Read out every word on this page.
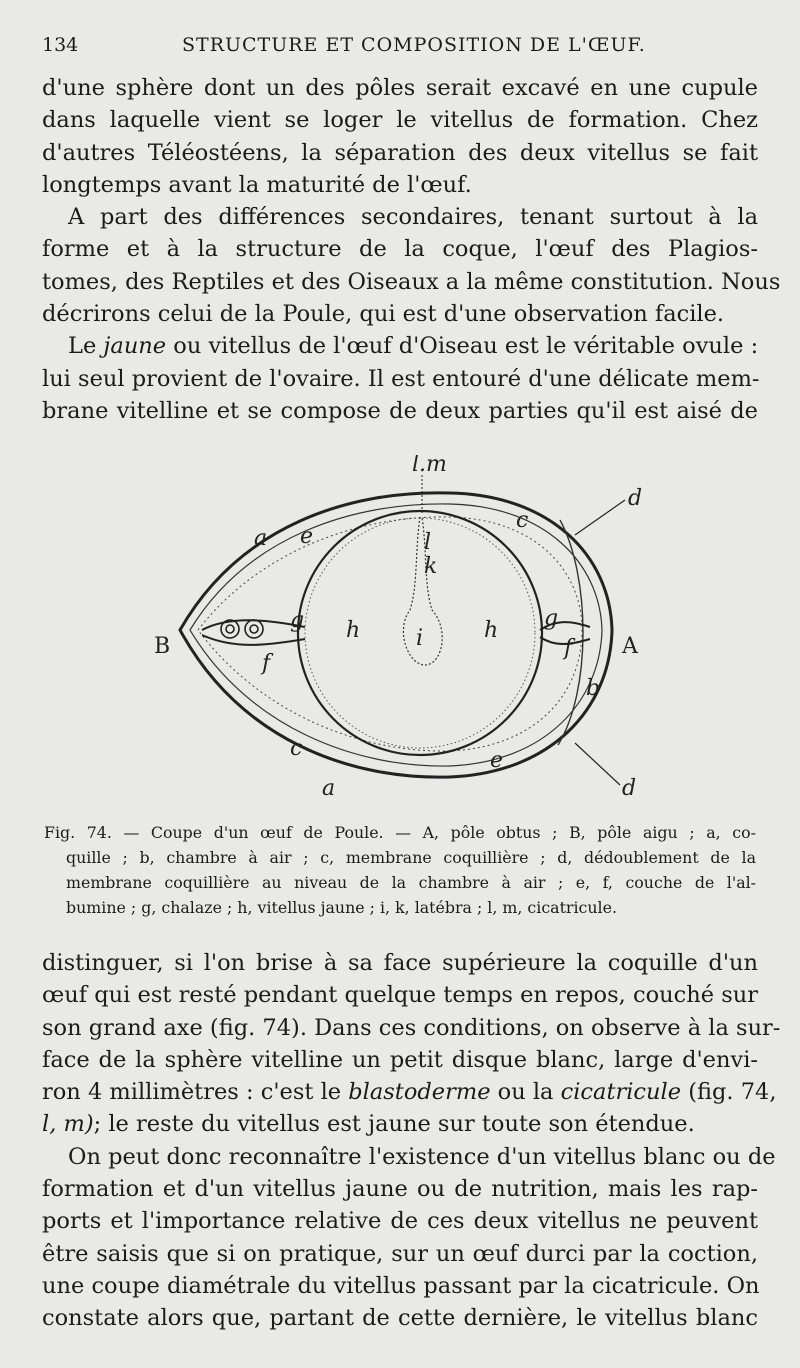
134	STRUCTURE ET COMPOSITION DE L'ŒUF.
d'une sphère dont un des pôles serait excavé en une cupule
dans laquelle vient se loger le vitellus de formation. Chez
d'autres Téléostéens, la séparation des deux vitellus se fait
longtemps avant la maturité de l'œuf.
A part des différences secondaires, tenant surtout à la
forme et à la structure de la coque, l'œuf des Plagios-
tomes, des Reptiles et des Oiseaux a la même constitution. Nous
décrirons celui de la Poule, qui est d'une observation facile.
Le jaune ou vitellus de l'œuf d'Oiseau est le véritable ovule :
lui seul provient de l'ovaire. Il est entouré d'une délicate mem-
brane vitelline et se compose de deux parties qu'il est aisé de
l.m
d
d
a
a
e
e
c
c
l
k
i
h	h
g	g
f
f
b
B	A
Fig. 74. — Coupe d'un œuf de Poule. — A, pôle obtus ; B, pôle aigu ; a, co-
quille ; b, chambre à air ; c, membrane coquillière ; d, dédoublement de la
membrane coquillière au niveau de la chambre à air ; e, f, couche de l'al-
bumine ; g, chalaze ; h, vitellus jaune ; i, k, latébra ; l, m, cicatricule.
distinguer, si l'on brise à sa face supérieure la coquille d'un
œuf qui est resté pendant quelque temps en repos, couché sur
son grand axe (fig. 74). Dans ces conditions, on observe à la sur-
face de la sphère vitelline un petit disque blanc, large d'envi-
ron 4 millimètres : c'est le blastoderme ou la cicatricule (fig. 74,
l, m); le reste du vitellus est jaune sur toute son étendue.
On peut donc reconnaître l'existence d'un vitellus blanc ou de
formation et d'un vitellus jaune ou de nutrition, mais les rap-
ports et l'importance relative de ces deux vitellus ne peuvent
être saisis que si on pratique, sur un œuf durci par la coction,
une coupe diamétrale du vitellus passant par la cicatricule. On
constate alors que, partant de cette dernière, le vitellus blanc
